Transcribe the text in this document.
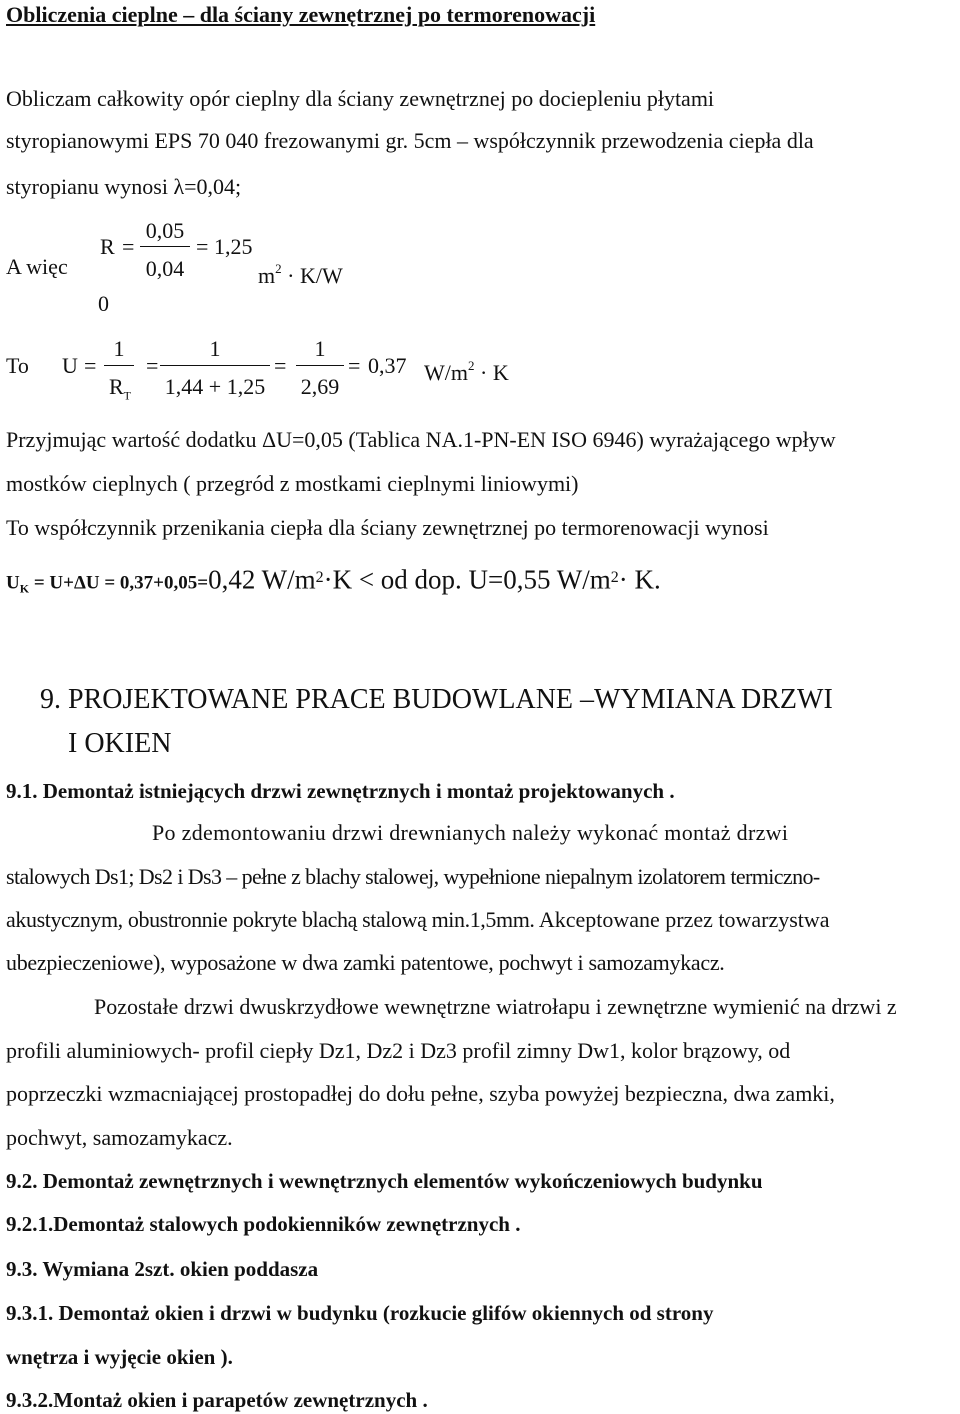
Obliczenia cieplne – dla ściany zewnętrznej po termorenowacji
Obliczam całkowity opór cieplny dla ściany zewnętrznej po dociepleniu płytami
styropianowymi EPS 70 040 frezowanymi gr. 5cm – współczynnik przewodzenia ciepła dla
styropianu wynosi λ=0,04;
A więc
R
0
=
0,05
0,04
= 1,25
$m^2 \cdot K/W$
To U =
1
$R_T$
=
1
1,44 + 1,25
=
1
2,69
= 0,37 $W/m^2 \cdot K$
Przyjmując wartość dodatku ΔU=0,05 (Tablica NA.1-PN-EN ISO 6946) wyrażającego wpływ
mostków cieplnych ( przegród z mostkami cieplnymi liniowymi)
To współczynnik przenikania ciepła dla ściany zewnętrznej po termorenowacji wynosi
$U_K = U+\Delta U = 0,37+0,05=0,42$ $W/m^2\cdot K$ < od dop. U=0,55 $W/m^2\cdot K$.
9. PROJEKTOWANE PRACE BUDOWLANE –WYMIANA DRZWI
I OKIEN
9.1. Demontaż istniejących drzwi zewnętrznych i montaż projektowanych .
Po zdemontowaniu drzwi drewnianych należy wykonać montaż drzwi
stalowych Ds1; Ds2 i Ds3 – pełne z blachy stalowej, wypełnione niepalnym izolatorem termiczno-
akustycznym, obustronnie pokryte blachą stalową min.1,5mm. Akceptowane przez towarzystwa
ubezpieczeniowe), wyposażone w dwa zamki patentowe, pochwyt i samozamykacz.
Pozostałe drzwi dwuskrzydłowe wewnętrzne wiatrołapu i zewnętrzne wymienić na drzwi z
profili aluminiowych- profil ciepły Dz1, Dz2 i Dz3 profil zimny Dw1, kolor brązowy, od
poprzeczki wzmacniającej prostopadłej do dołu pełne, szyba powyżej bezpieczna, dwa zamki,
pochwyt, samozamykacz.
9.2. Demontaż zewnętrznych i wewnętrznych elementów wykończeniowych budynku
9.2.1.Demontaż stalowych podokienników zewnętrznych .
9.3. Wymiana 2szt. okien poddasza
9.3.1. Demontaż okien i drzwi w budynku (rozkucie glifów okiennych od strony
wnętrza i wyjęcie okien ).
9.3.2.Montaż okien i parapetów zewnętrznych .
